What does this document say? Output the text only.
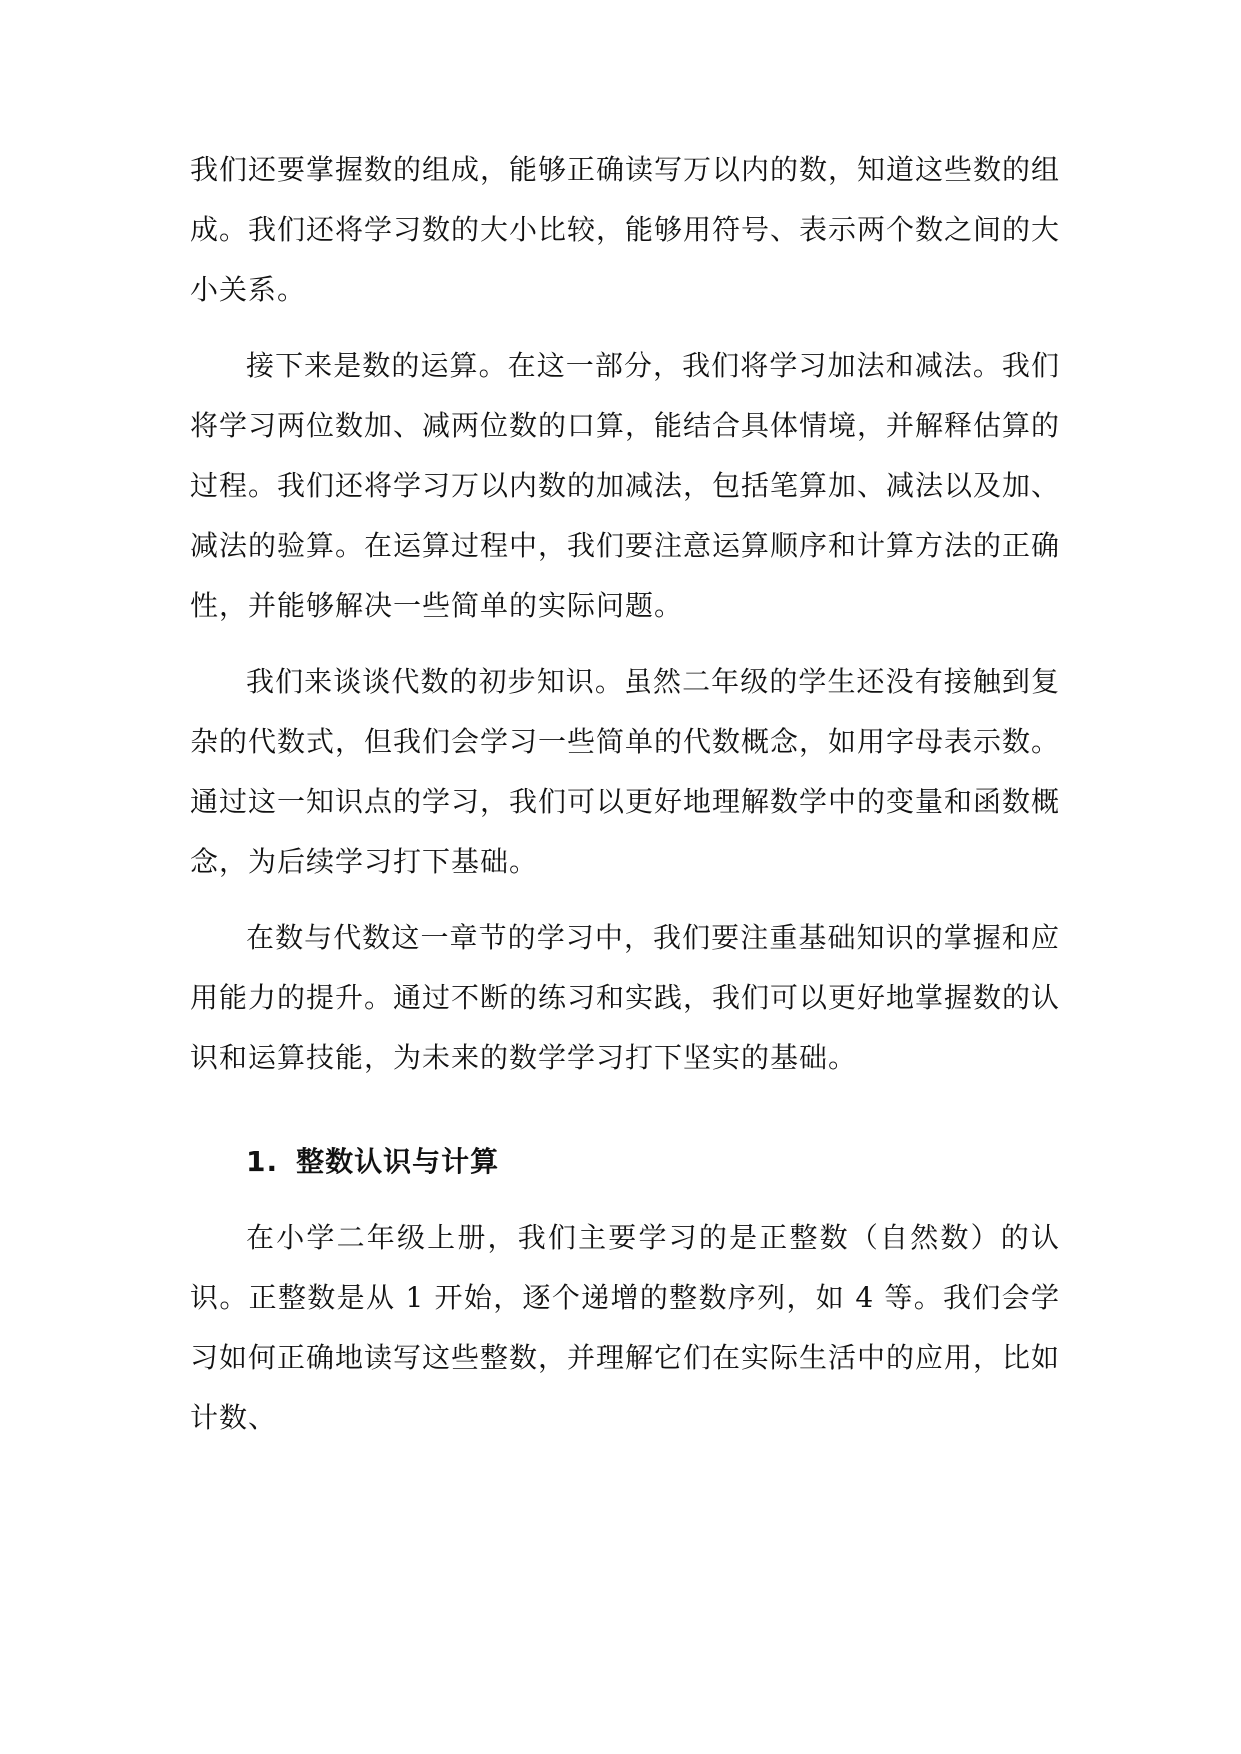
我们还要掌握数的组成，能够正确读写万以内的数，知道这些数的组成。我们还将学习数的大小比较，能够用符号、表示两个数之间的大小关系。

接下来是数的运算。在这一部分，我们将学习加法和减法。我们将学习两位数加、减两位数的口算，能结合具体情境，并解释估算的过程。我们还将学习万以内数的加减法，包括笔算加、减法以及加、减法的验算。在运算过程中，我们要注意运算顺序和计算方法的正确性，并能够解决一些简单的实际问题。

我们来谈谈代数的初步知识。虽然二年级的学生还没有接触到复杂的代数式，但我们会学习一些简单的代数概念，如用字母表示数。通过这一知识点的学习，我们可以更好地理解数学中的变量和函数概念，为后续学习打下基础。

在数与代数这一章节的学习中，我们要注重基础知识的掌握和应用能力的提升。通过不断的练习和实践，我们可以更好地掌握数的认识和运算技能，为未来的数学学习打下坚实的基础。

1. 整数认识与计算

在小学二年级上册，我们主要学习的是正整数（自然数）的认识。正整数是从 1 开始，逐个递增的整数序列，如 4 等。我们会学习如何正确地读写这些整数，并理解它们在实际生活中的应用，比如计数、
